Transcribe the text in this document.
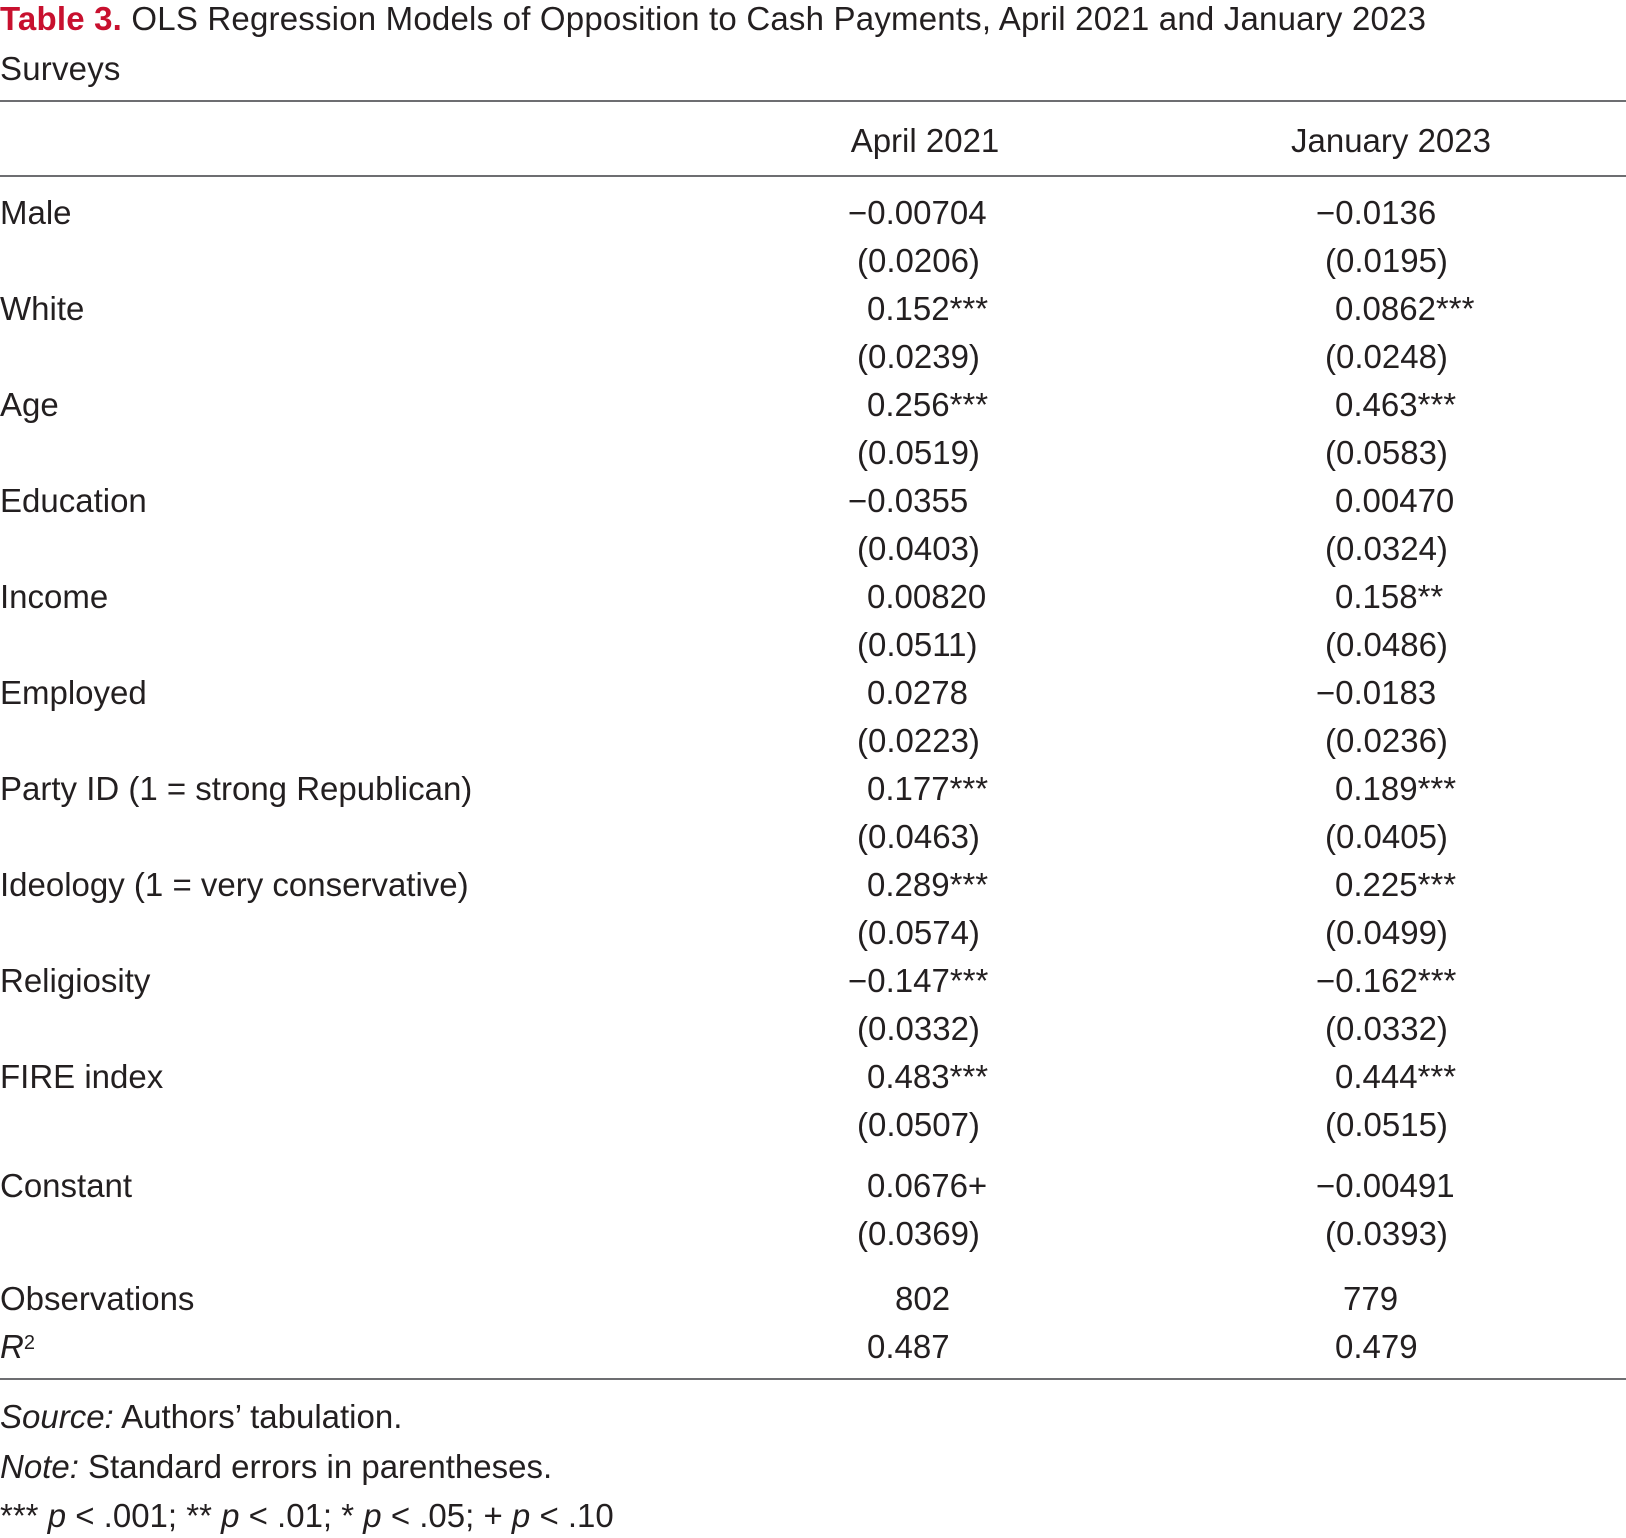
Table 3. OLS Regression Models of Opposition to Cash Payments, April 2021 and January 2023 Surveys
April 2021	January 2023
Male	−0.00704	−0.0136
(0.0206)	(0.0195)
White	0.152***	0.0862***
(0.0239)	(0.0248)
Age	0.256***	0.463***
(0.0519)	(0.0583)
Education	−0.0355	0.00470
(0.0403)	(0.0324)
Income	0.00820	0.158**
(0.0511)	(0.0486)
Employed	0.0278	−0.0183
(0.0223)	(0.0236)
Party ID (1 = strong Republican)	0.177***	0.189***
(0.0463)	(0.0405)
Ideology (1 = very conservative)	0.289***	0.225***
(0.0574)	(0.0499)
Religiosity	−0.147***	−0.162***
(0.0332)	(0.0332)
FIRE index	0.483***	0.444***
(0.0507)	(0.0515)
Constant	0.0676+	−0.00491
(0.0369)	(0.0393)
Observations	802	779
$R^2$	0.487	0.479
Source: Authors’ tabulation.
Note: Standard errors in parentheses.
*** p < .001; ** p < .01; * p < .05; + p < .10
